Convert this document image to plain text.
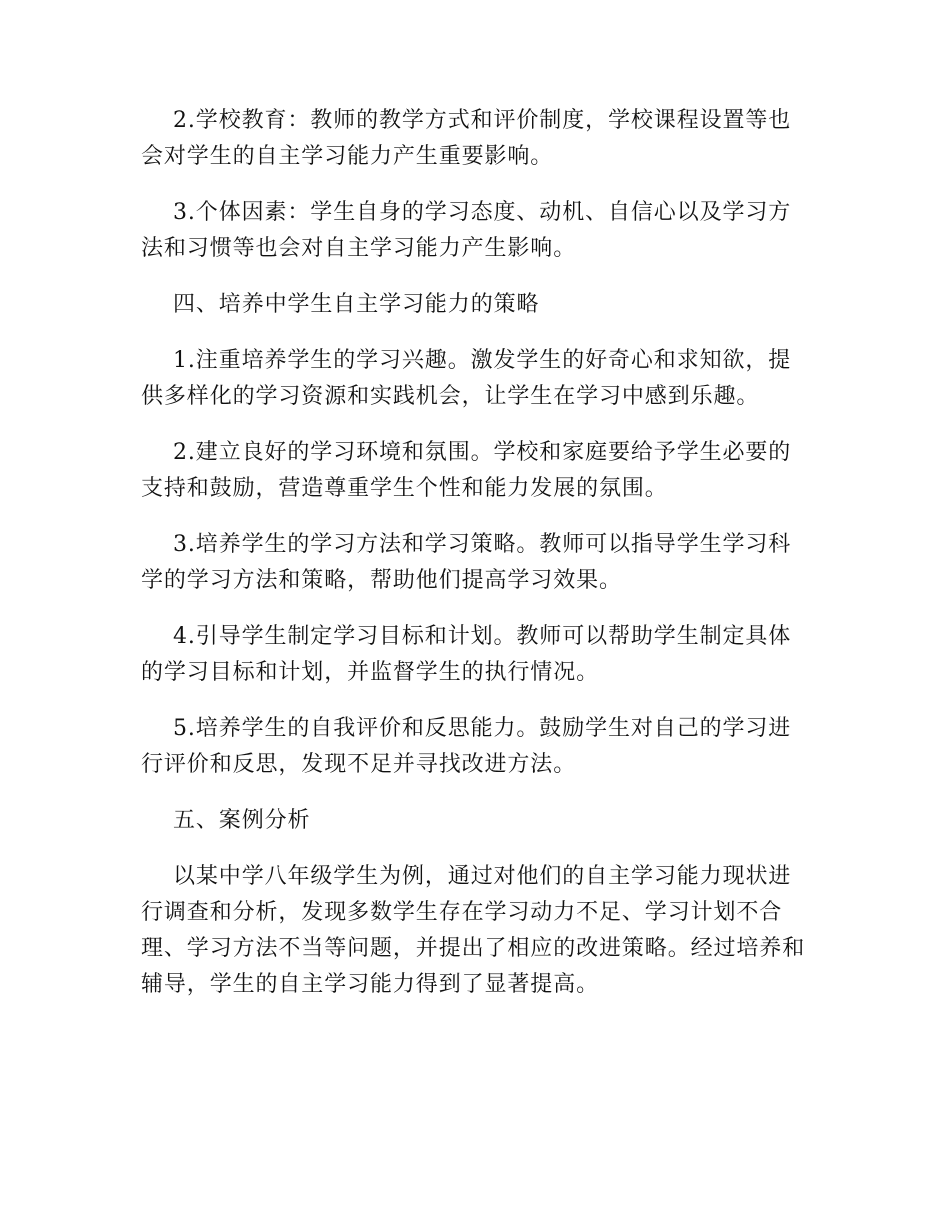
2.学校教育：教师的教学方式和评价制度，学校课程设置等也会对学生的自主学习能力产生重要影响。

3.个体因素：学生自身的学习态度、动机、自信心以及学习方法和习惯等也会对自主学习能力产生影响。

四、培养中学生自主学习能力的策略

1.注重培养学生的学习兴趣。激发学生的好奇心和求知欲，提供多样化的学习资源和实践机会，让学生在学习中感到乐趣。

2.建立良好的学习环境和氛围。学校和家庭要给予学生必要的支持和鼓励，营造尊重学生个性和能力发展的氛围。

3.培养学生的学习方法和学习策略。教师可以指导学生学习科学的学习方法和策略，帮助他们提高学习效果。

4.引导学生制定学习目标和计划。教师可以帮助学生制定具体的学习目标和计划，并监督学生的执行情况。

5.培养学生的自我评价和反思能力。鼓励学生对自己的学习进行评价和反思，发现不足并寻找改进方法。

五、案例分析

以某中学八年级学生为例，通过对他们的自主学习能力现状进行调查和分析，发现多数学生存在学习动力不足、学习计划不合理、学习方法不当等问题，并提出了相应的改进策略。经过培养和辅导，学生的自主学习能力得到了显著提高。
